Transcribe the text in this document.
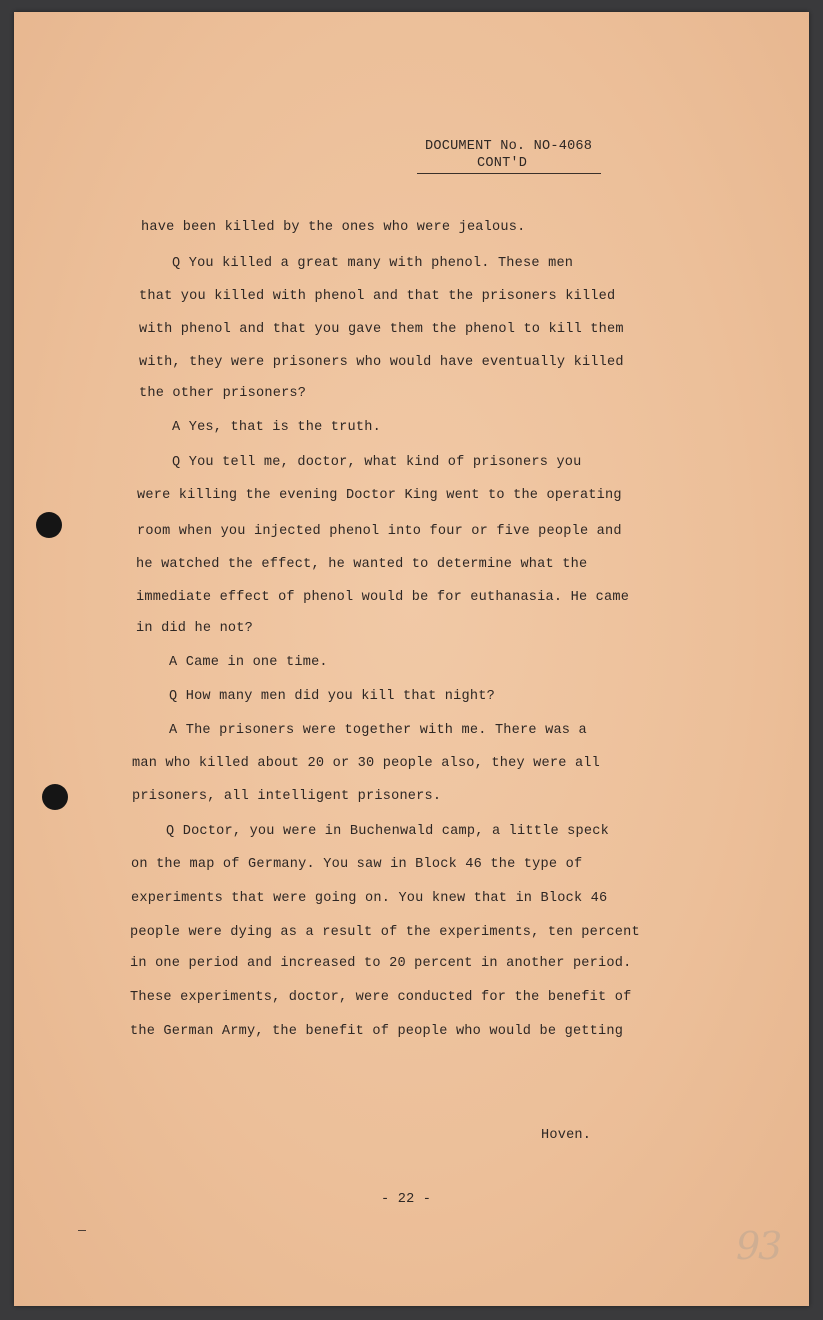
DOCUMENT No. NO-4068
CONT'D
have been killed by the ones who were jealous.
Q You killed a great many with phenol. These men
that you killed with phenol and that the prisoners killed
with phenol and that you gave them the phenol to kill them
with, they were prisoners who would have eventually killed
the other prisoners?
A Yes, that is the truth.
Q You tell me, doctor, what kind of prisoners you
were killing the evening Doctor King went to the operating
room when you injected phenol into four or five people and
he watched the effect, he wanted to determine what the
immediate effect of phenol would be for euthanasia. He came
in did he not?
A Came in one time.
Q How many men did you kill that night?
A The prisoners were together with me. There was a
man who killed about 20 or 30 people also, they were all
prisoners, all intelligent prisoners.
Q Doctor, you were in Buchenwald camp, a little speck
on the map of Germany. You saw in Block 46 the type of
experiments that were going on. You knew that in Block 46
people were dying as a result of the experiments, ten percent
in one period and increased to 20 percent in another period.
These experiments, doctor, were conducted for the benefit of
the German Army, the benefit of people who would be getting
Hoven.
- 22 -
93
